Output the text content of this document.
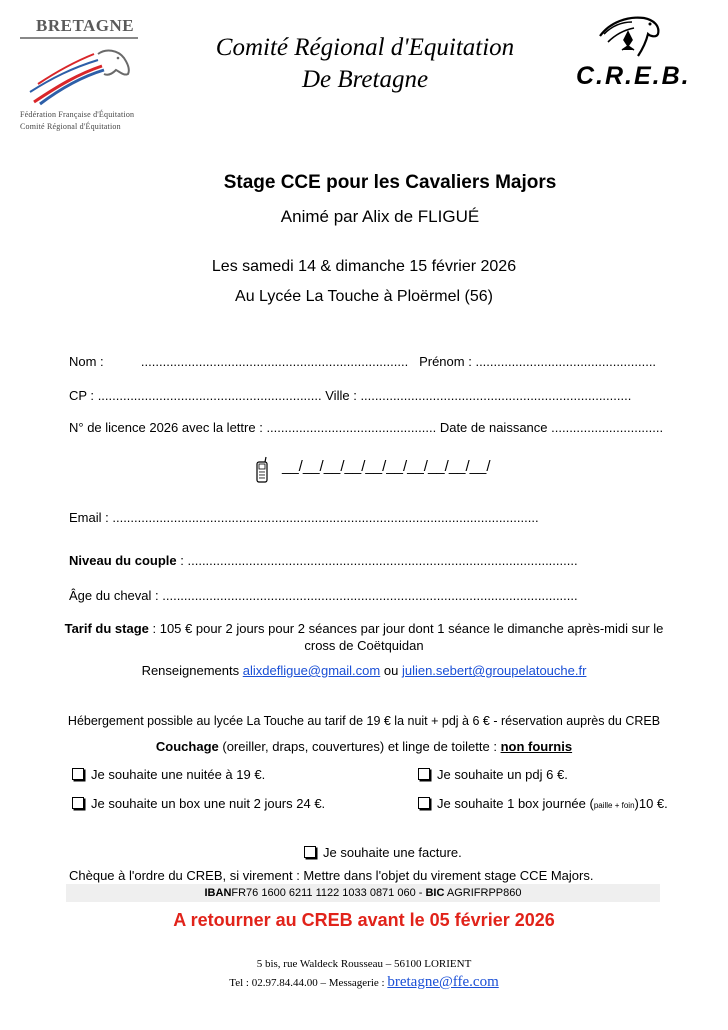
BRETAGNE
Fédération Française d'Équitation
Comité Régional d'Équitation
Comité Régional d'Equitation
De Bretagne	C.R.E.B.
Stage CCE pour les Cavaliers Majors
Animé par Alix de FLIGUÉ
Les samedi 14 & dimanche 15 février 2026
Au Lycée La Touche à Ploërmel (56)
Nom :	.......................................................................... Prénom : ..................................................
CP : .............................................................. Ville : ...........................................................................
N° de licence 2026 avec la lettre : ............................................... Date de naissance ...............................
__/__/__/__/__/__/__/__/__/__/
Email : ......................................................................................................................
Niveau du couple : ............................................................................................................
Âge du cheval : ...................................................................................................................
Tarif du stage : 105 € pour 2 jours pour 2 séances par jour dont 1 séance le dimanche après-midi sur le
cross de Coëtquidan
Renseignements alixdefligue@gmail.com ou julien.sebert@groupelatouche.fr
Hébergement possible au lycée La Touche au tarif de 19 € la nuit + pdj à 6 € - réservation auprès du CREB
Couchage (oreiller, draps, couvertures) et linge de toilette : non fournis
Je souhaite une nuitée à 19 €.	Je souhaite un pdj 6 €.
Je souhaite un box une nuit 2 jours 24 €.	Je souhaite 1 box journée (paille + foin)10 €.
Je souhaite une facture.
Chèque à l'ordre du CREB, si virement : Mettre dans l'objet du virement stage CCE Majors.
IBANFR76 1600 6211 1122 1033 0871 060 - BIC AGRIFRPP860
A retourner au CREB avant le 05 février 2026
5 bis, rue Waldeck Rousseau – 56100 LORIENT
Tel : 02.97.84.44.00 – Messagerie : bretagne@ffe.com
